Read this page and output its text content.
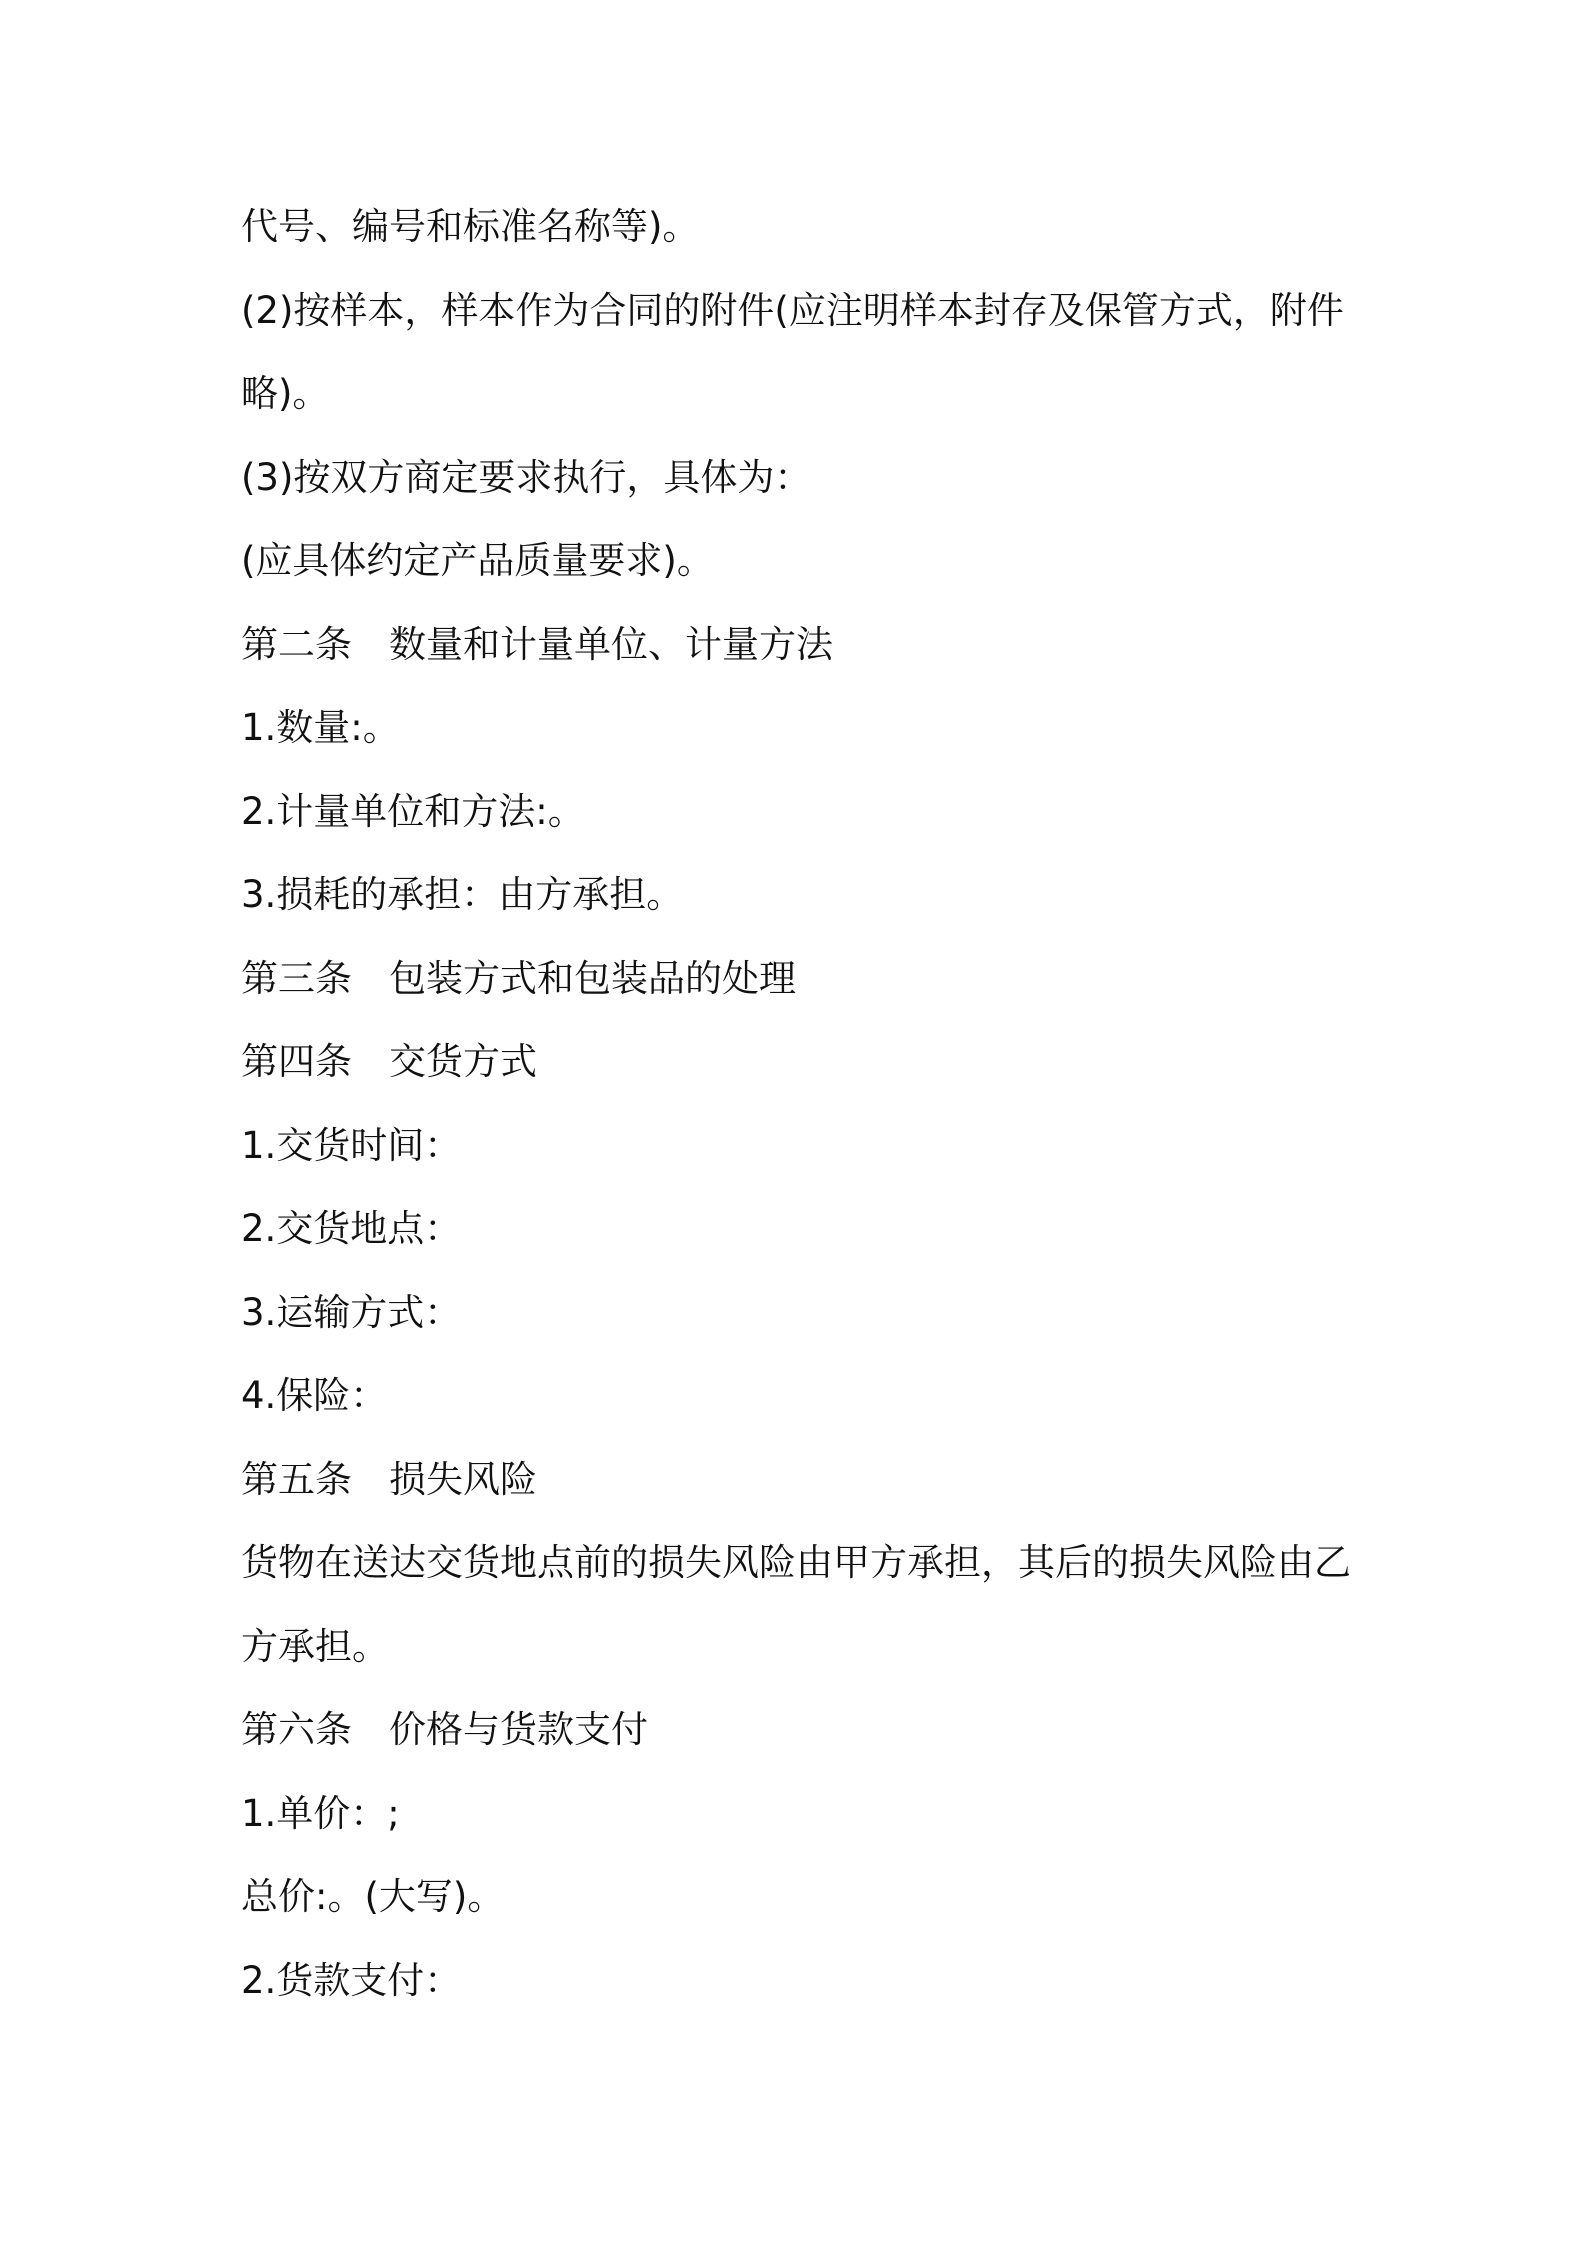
代号、编号和标准名称等)。

(2)按样本，样本作为合同的附件(应注明样本封存及保管方式，附件

略)。

(3)按双方商定要求执行，具体为：

(应具体约定产品质量要求)。

第二条　数量和计量单位、计量方法

1.数量:。

2.计量单位和方法:。

3.损耗的承担：由方承担。

第三条　包装方式和包装品的处理

第四条　交货方式

1.交货时间：

2.交货地点：

3.运输方式：

4.保险：

第五条　损失风险

货物在送达交货地点前的损失风险由甲方承担，其后的损失风险由乙

方承担。

第六条　价格与货款支付

1.单价：;

总价:。(大写)。

2.货款支付：
